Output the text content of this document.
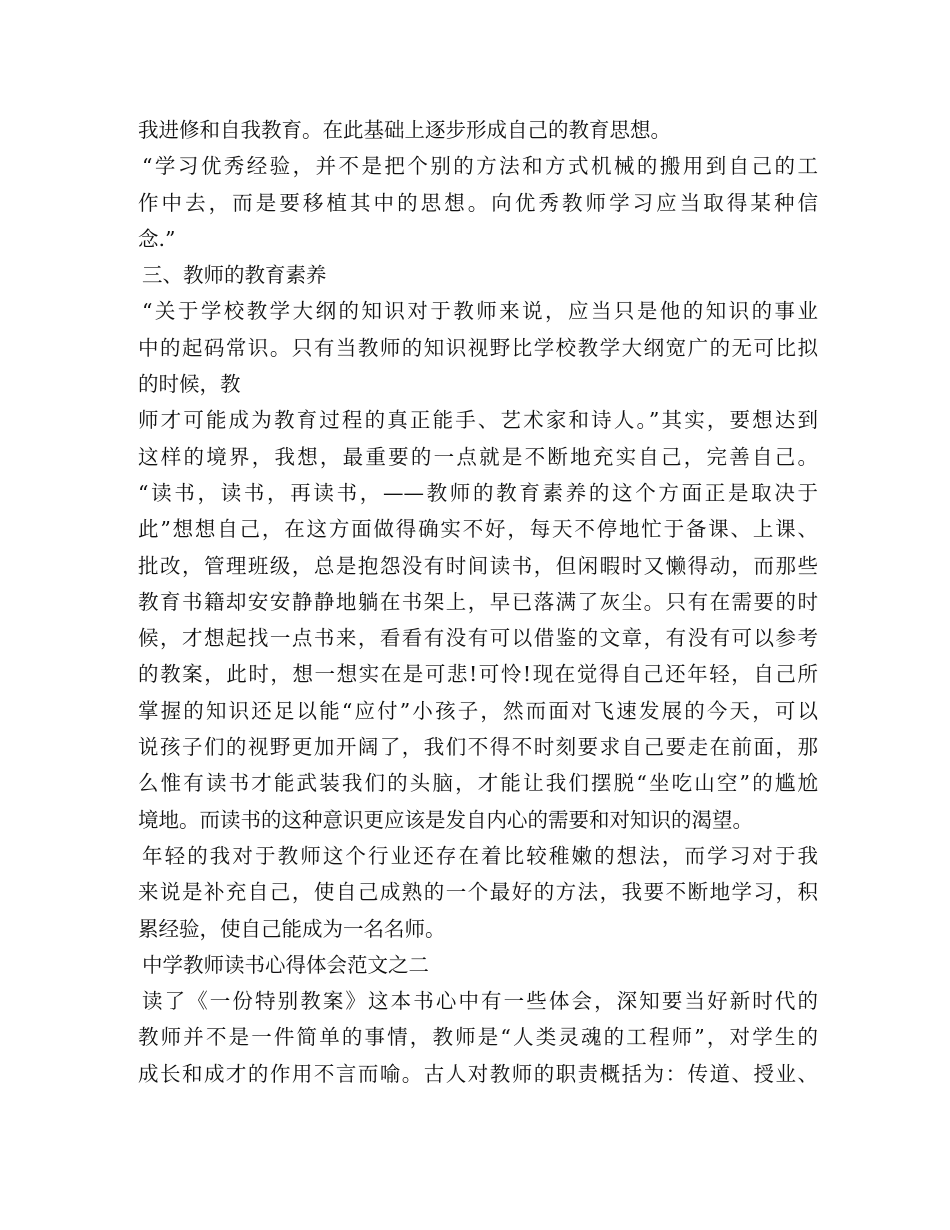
我进修和自我教育。在此基础上逐步形成自己的教育思想。
“学习优秀经验，并不是把个别的方法和方式机械的搬用到自己的工
作中去，而是要移植其中的思想。向优秀教师学习应当取得某种信
念.”
三、教师的教育素养
“关于学校教学大纲的知识对于教师来说，应当只是他的知识的事业
中的起码常识。只有当教师的知识视野比学校教学大纲宽广的无可比拟
的时候，教
师才可能成为教育过程的真正能手、艺术家和诗人。”其实，要想达到
这样的境界，我想，最重要的一点就是不断地充实自己，完善自己。
“读书，读书，再读书，——教师的教育素养的这个方面正是取决于
此”想想自己，在这方面做得确实不好，每天不停地忙于备课、上课、
批改，管理班级，总是抱怨没有时间读书，但闲暇时又懒得动，而那些
教育书籍却安安静静地躺在书架上，早已落满了灰尘。只有在需要的时
候，才想起找一点书来，看看有没有可以借鉴的文章，有没有可以参考
的教案，此时，想一想实在是可悲!可怜!现在觉得自己还年轻，自己所
掌握的知识还足以能“应付”小孩子，然而面对飞速发展的今天，可以
说孩子们的视野更加开阔了，我们不得不时刻要求自己要走在前面，那
么惟有读书才能武装我们的头脑，才能让我们摆脱“坐吃山空”的尴尬
境地。而读书的这种意识更应该是发自内心的需要和对知识的渴望。
年轻的我对于教师这个行业还存在着比较稚嫩的想法，而学习对于我
来说是补充自己，使自己成熟的一个最好的方法，我要不断地学习，积
累经验，使自己能成为一名名师。
中学教师读书心得体会范文之二
读了《一份特别教案》这本书心中有一些体会，深知要当好新时代的
教师并不是一件简单的事情，教师是“人类灵魂的工程师”，对学生的
成长和成才的作用不言而喻。古人对教师的职责概括为：传道、授业、
